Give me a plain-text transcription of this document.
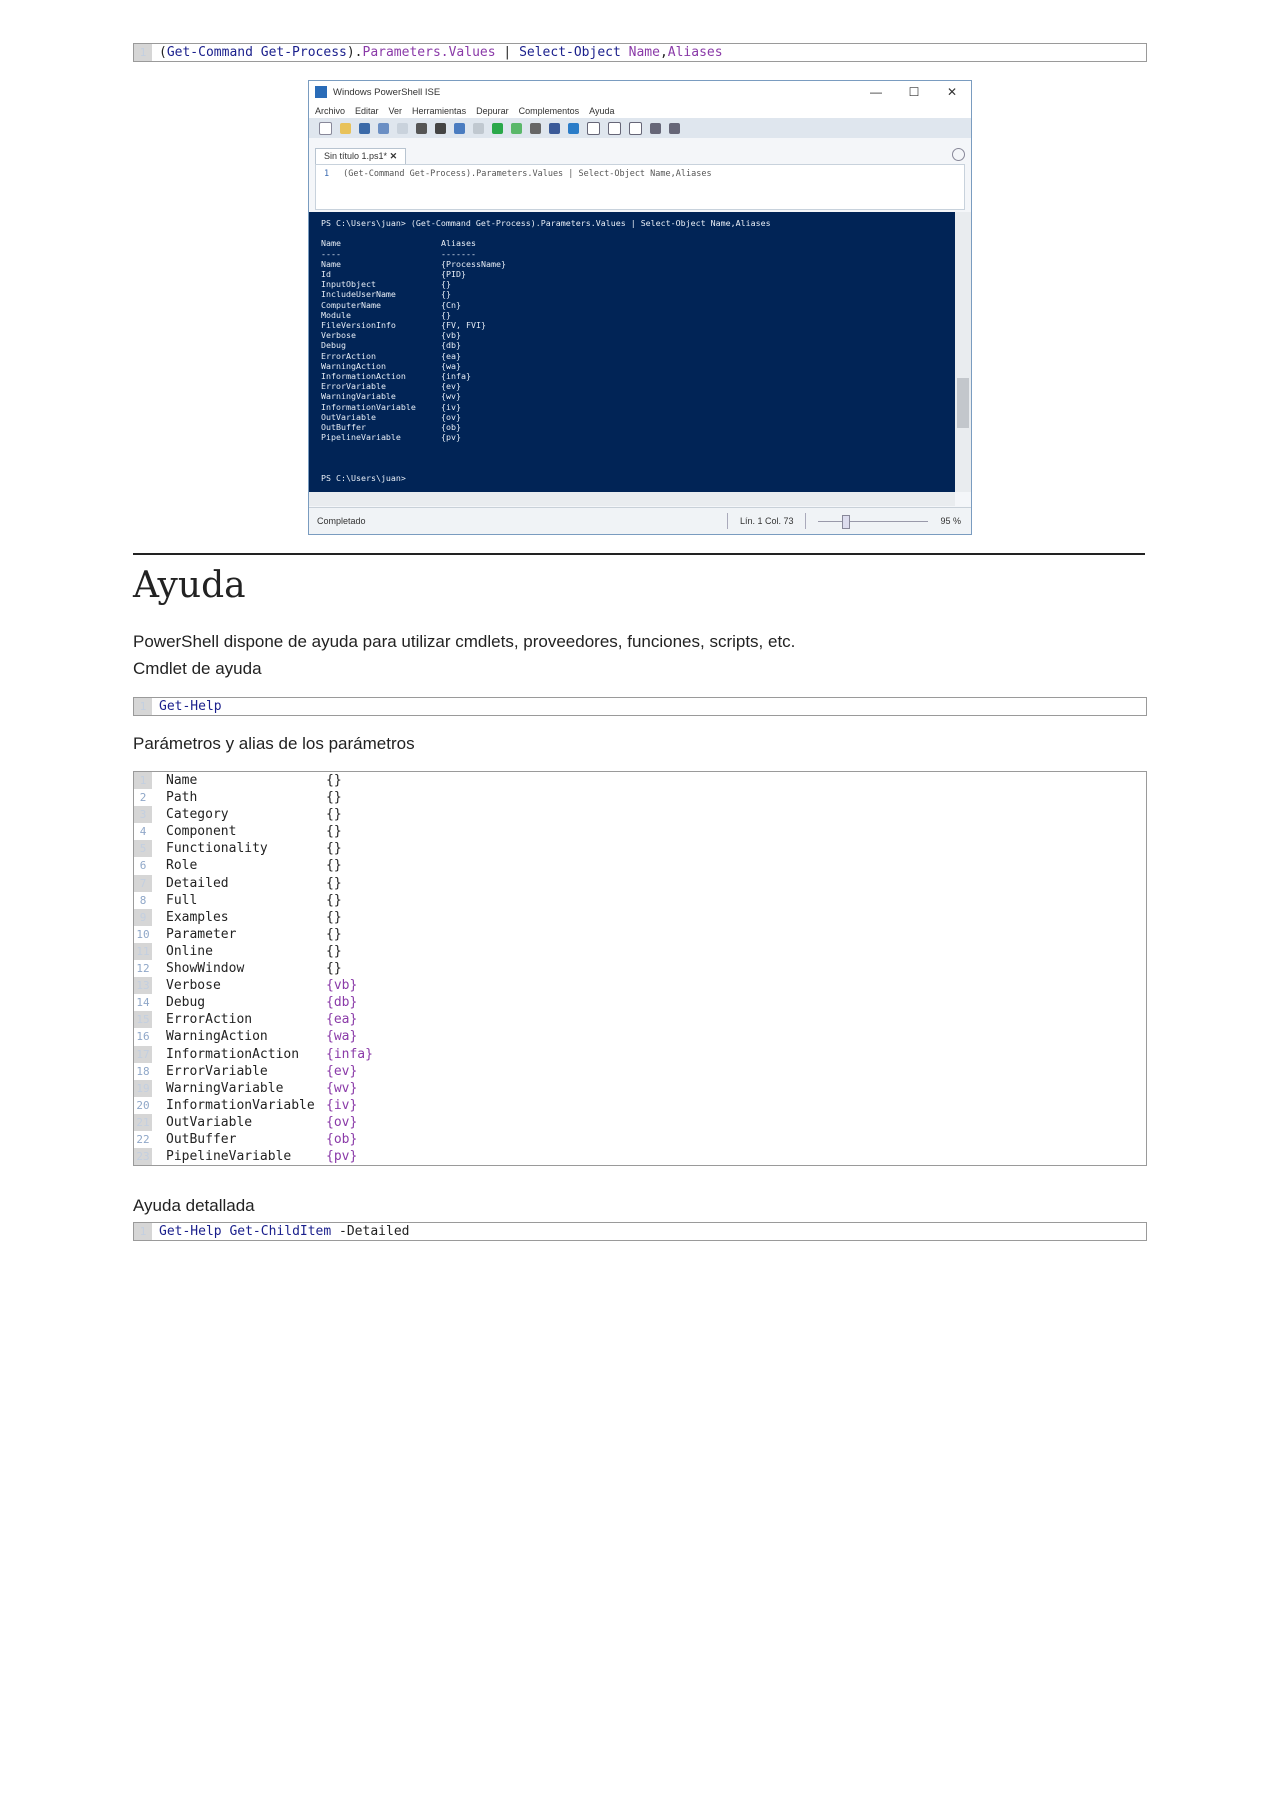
1 (Get-Command Get-Process).Parameters.Values | Select-Object Name,Aliases
Windows PowerShell ISE	—	☐	✕
Archivo Editar Ver Herramientas Depurar Complementos Ayuda
Sin título 1.ps1* ✕
1 (Get-Command Get-Process).Parameters.Values | Select-Object Name,Aliases
PS C:\Users\juan> (Get-Command Get-Process).Parameters.Values | Select-Object Name,Aliases

Name	Aliases
----	-------
Name	{ProcessName}
Id	{PID}
InputObject	{}
IncludeUserName	{}
ComputerName	{Cn}
Module	{}
FileVersionInfo	{FV, FVI}
Verbose	{vb}
Debug	{db}
ErrorAction	{ea}
WarningAction	{wa}
InformationAction	{infa}
ErrorVariable	{ev}
WarningVariable	{wv}
InformationVariable	{iv}
OutVariable	{ov}
OutBuffer	{ob}
PipelineVariable	{pv}

PS C:\Users\juan>
Completado	Lín. 1 Col. 73	95 %
Ayuda
PowerShell dispone de ayuda para utilizar cmdlets, proveedores, funciones, scripts, etc.
Cmdlet de ayuda
1 Get-Help
Parámetros y alias de los parámetros
1	Name	{}
2	Path	{}
3	Category	{}
4	Component	{}
5	Functionality	{}
6	Role	{}
7	Detailed	{}
8	Full	{}
9	Examples	{}
10	Parameter	{}
11	Online	{}
12	ShowWindow	{}
13	Verbose	{vb}
14	Debug	{db}
15	ErrorAction	{ea}
16	WarningAction	{wa}
17	InformationAction	{infa}
18	ErrorVariable	{ev}
19	WarningVariable	{wv}
20	InformationVariable {iv}
21	OutVariable	{ov}
22	OutBuffer	{ob}
23	PipelineVariable	{pv}
Ayuda detallada
1 Get-Help Get-ChildItem -Detailed
